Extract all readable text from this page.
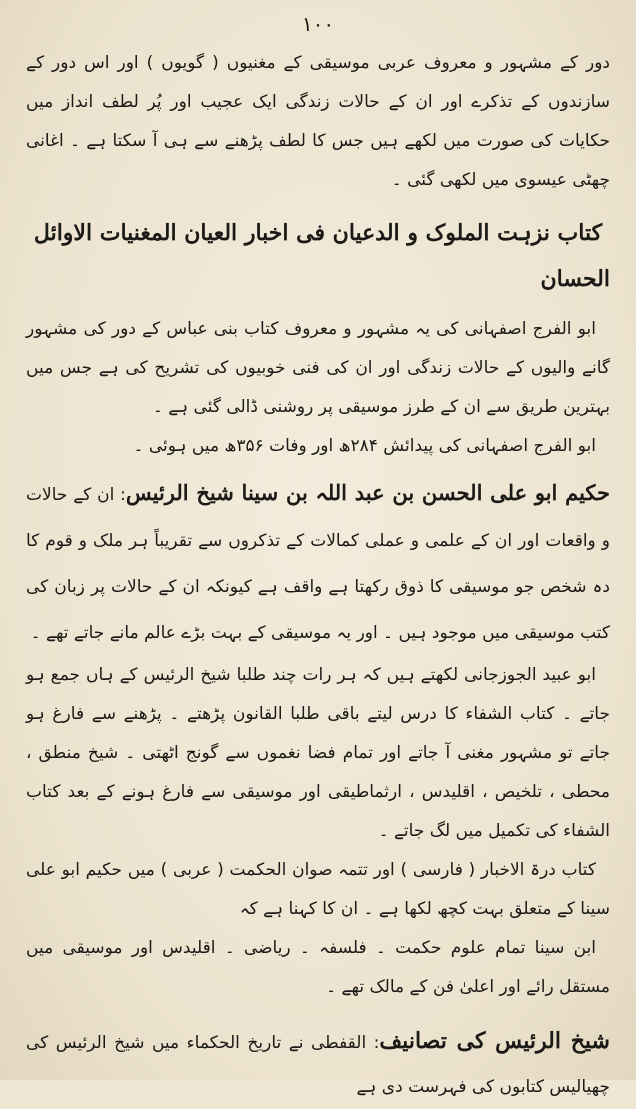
١٠٠

دور کے مشہور و معروف عربی موسیقی کے مغنیوں ( گویوں ) اور اس دور کے سازندوں کے تذکرے اور ان کے حالات زندگی ایک عجیب اور پُر لطف انداز میں حکایات کی صورت میں لکھے ہیں جس کا لطف پڑھنے سے ہی آ سکتا ہے ۔ اغانی چھٹی عیسوی میں لکھی گئی ۔

کتاب نزہت الملوک و الدعیان فی اخبار العیان المغنیات الاوائل الحسان

ابو الفرج اصفہانی کی یہ مشہور و معروف کتاب بنی عباس کے دور کی مشہور گانے والیوں کے حالات زندگی اور ان کی فنی خوبیوں کی تشریح کی ہے جس میں بہترین طریق سے ان کے طرز موسیقی پر روشنی ڈالی گئی ہے ۔

ابو الفرج اصفہانی کی پیدائش ۲۸۴ھ اور وفات ۳۵۶ھ میں ہوئی ۔

حکیم ابو علی الحسن بن عبد اللہ بن سینا شیخ الرئیس: ان کے حالات و واقعات اور ان کے علمی و عملی کمالات کے تذکروں سے تقریباً ہر ملک و قوم کا دہ شخص جو موسیقی کا ذوق رکھتا ہے واقف ہے کیونکہ ان کے حالات پر زبان کی کتب موسیقی میں موجود ہیں ۔ اور یہ موسیقی کے بہت بڑے عالم مانے جاتے تھے ۔

ابو عبید الجوزجانی لکھتے ہیں کہ ہر رات چند طلبا شیخ الرئیس کے ہاں جمع ہو جاتے ۔ کتاب الشفاء کا درس لیتے باقی طلبا القانون پڑھتے ۔ پڑھنے سے فارغ ہو جاتے تو مشہور مغنی آ جاتے اور تمام فضا نغموں سے گونج اٹھتی ۔ شیخ منطق ، محطی ، تلخیص ، اقلیدس ، ارثماطیقی اور موسیقی سے فارغ ہونے کے بعد کتاب الشفاء کی تکمیل میں لگ جاتے ۔

کتاب درۃ الاخبار ( فارسی ) اور تتمہ صوان الحکمت ( عربی ) میں حکیم ابو علی سینا کے متعلق بہت کچھ لکھا ہے ۔ ان کا کہنا ہے کہ

ابن سینا تمام علوم حکمت ۔ فلسفہ ۔ ریاضی ۔ اقلیدس اور موسیقی میں مستقل رائے اور اعلیٰ فن کے مالک تھے ۔

شیخ الرئیس کی تصانیف: القفطی نے تاریخ الحکماء میں شیخ الرئیس کی چھیالیس کتابوں کی فہرست دی ہے
